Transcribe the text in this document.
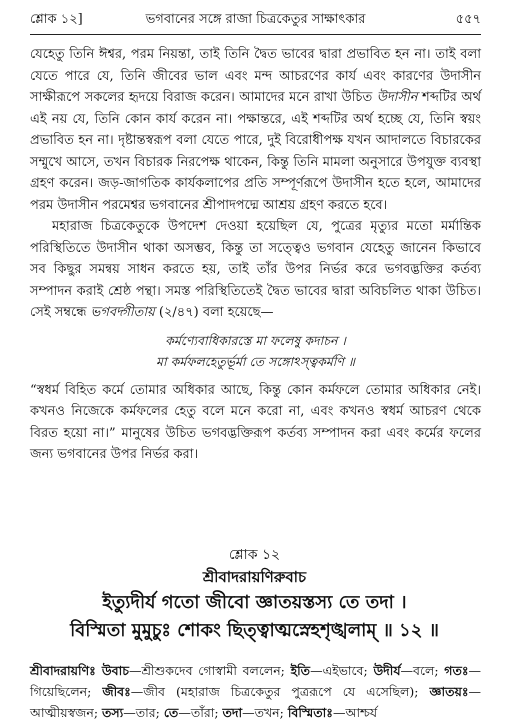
শ্লোক ১২]	ভগবানের সঙ্গে রাজা চিত্রকেতুর সাক্ষাৎকার	৫৫৭

যেহেতু তিনি ঈশ্বর, পরম নিয়ন্তা, তাই তিনি দ্বৈত ভাবের দ্বারা প্রভাবিত হন না। তাই বলা যেতে পারে যে, তিনি জীবের ভাল এবং মন্দ আচরণের কার্য এবং কারণের উদাসীন সাক্ষীরূপে সকলের হৃদয়ে বিরাজ করেন। আমাদের মনে রাখা উচিত উদাসীন শব্দটির অর্থ এই নয় যে, তিনি কোন কার্য করেন না। পক্ষান্তরে, এই শব্দটির অর্থ হচ্ছে যে, তিনি স্বয়ং প্রভাবিত হন না। দৃষ্টান্তস্বরূপ বলা যেতে পারে, দুই বিরোধীপক্ষ যখন আদালতে বিচারকের সম্মুখে আসে, তখন বিচারক নিরপেক্ষ থাকেন, কিন্তু তিনি মামলা অনুসারে উপযুক্ত ব্যবস্থা গ্রহণ করেন। জড়-জাগতিক কার্যকলাপের প্রতি সম্পূর্ণরূপে উদাসীন হতে হলে, আমাদের পরম উদাসীন পরমেশ্বর ভগবানের শ্রীপাদপদ্মে আশ্রয় গ্রহণ করতে হবে।

মহারাজ চিত্রকেতুকে উপদেশ দেওয়া হয়েছিল যে, পুত্রের মৃত্যুর মতো মর্মান্তিক পরিস্থিতিতে উদাসীন থাকা অসম্ভব, কিন্তু তা সত্ত্বেও ভগবান যেহেতু জানেন কিভাবে সব কিছুর সমন্বয় সাধন করতে হয়, তাই তাঁর উপর নির্ভর করে ভগবদ্ভক্তির কর্তব্য সম্পাদন করাই শ্রেষ্ঠ পন্থা। সমস্ত পরিস্থিতিতেই দ্বৈত ভাবের দ্বারা অবিচলিত থাকা উচিত। সেই সম্বন্ধে ভগবদ্গীতায় (২/৪৭) বলা হয়েছে—

কর্মণ্যেবাধিকারস্তে মা ফলেষু কদাচন ।
মা কর্মফলহেতুর্ভূর্মা তে সঙ্গোঽস্ত্বকর্মণি ॥

“স্বধর্ম বিহিত কর্মে তোমার অধিকার আছে, কিন্তু কোন কর্মফলে তোমার অধিকার নেই। কখনও নিজেকে কর্মফলের হেতু বলে মনে করো না, এবং কখনও স্বধর্ম আচরণ থেকে বিরত হয়ো না।” মানুষের উচিত ভগবদ্ভক্তিরূপ কর্তব্য সম্পাদন করা এবং কর্মের ফলের জন্য ভগবানের উপর নির্ভর করা।

শ্লোক ১২
শ্রীবাদরায়ণিরুবাচ
ইত্যুদীর্য গতো জীবো জ্ঞাতয়স্তস্য তে তদা ।
বিস্মিতা মুমুচুঃ শোকং ছিত্ত্বাত্মস্নেহশৃঙ্খলাম্ ॥ ১২ ॥
শ্রীবাদরায়ণিঃ উবাচ—শ্রীশুকদেব গোস্বামী বললেন; ইতি—এইভাবে; উদীর্য—বলে; গতঃ—গিয়েছিলেন; জীবঃ—জীব (মহারাজ চিত্রকেতুর পুত্ররূপে যে এসেছিল); জ্ঞাতয়ঃ—আত্মীয়স্বজন; তস্য—তার; তে—তাঁরা; তদা—তখন; বিস্মিতাঃ—আশ্চর্য
